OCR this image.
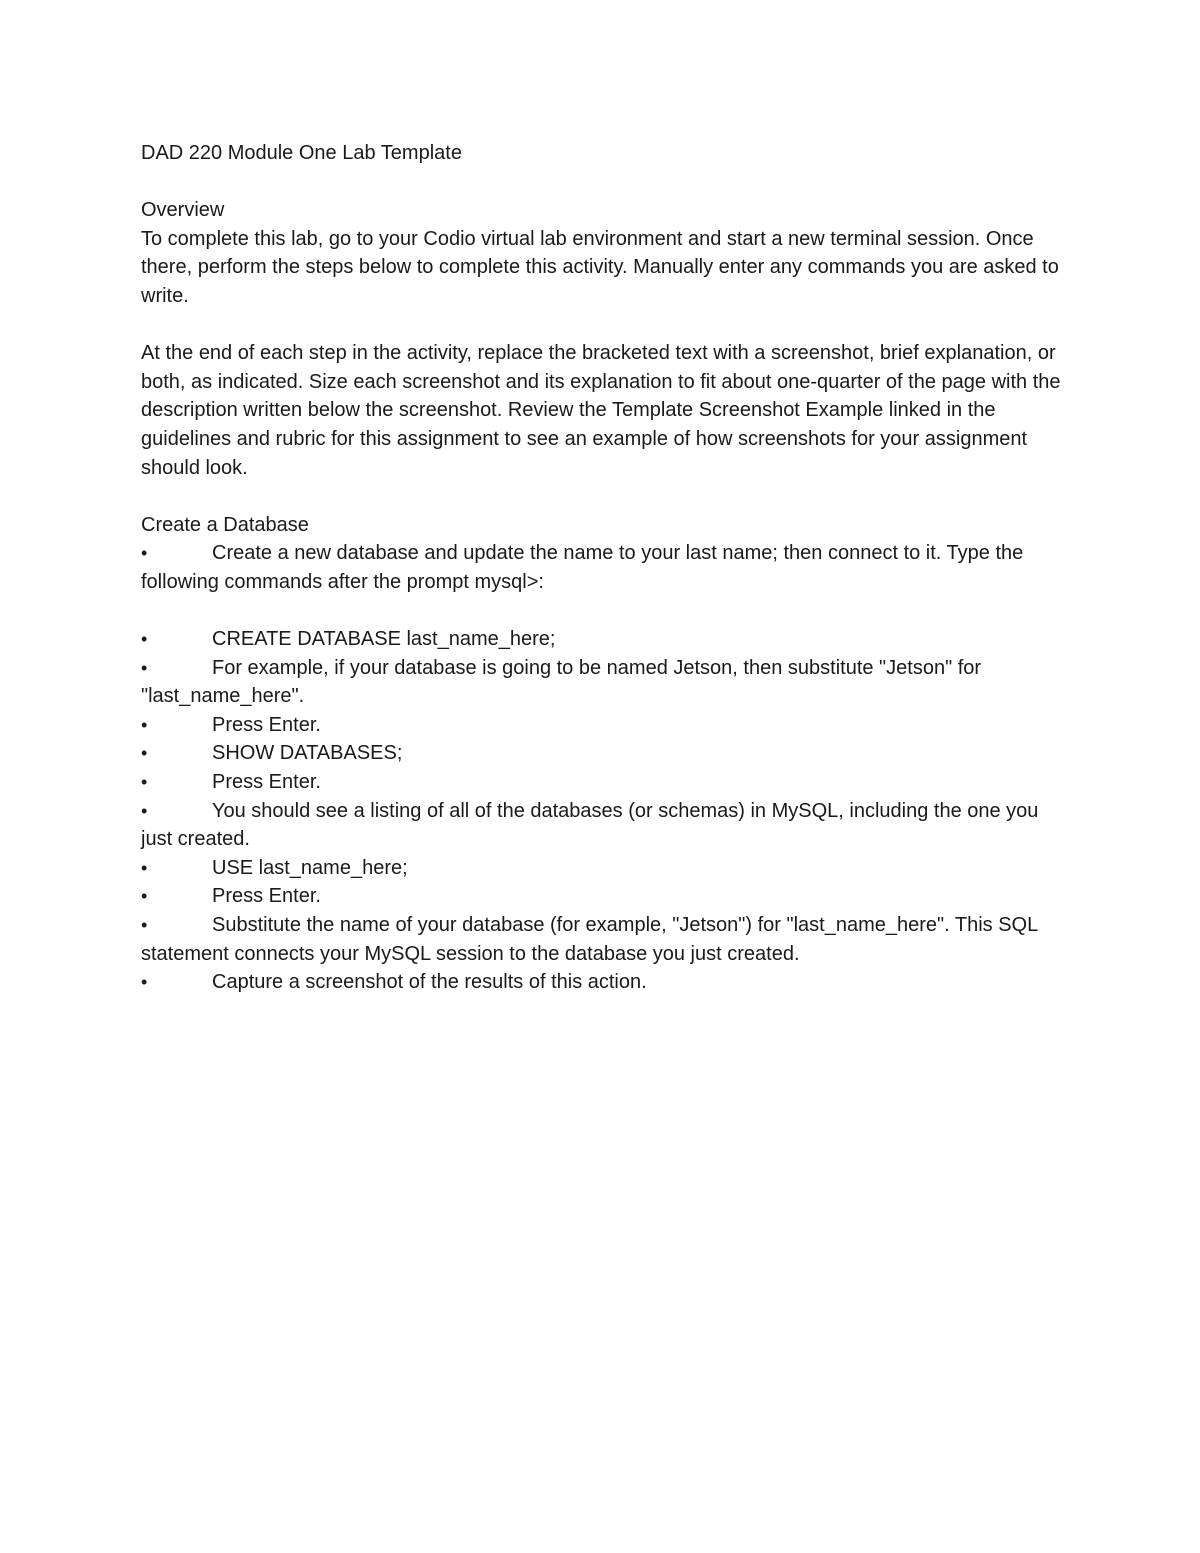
DAD 220 Module One Lab Template
Overview

To complete this lab, go to your Codio virtual lab environment and start a new terminal session. Once there, perform the steps below to complete this activity. Manually enter any commands you are asked to write.

At the end of each step in the activity, replace the bracketed text with a screenshot, brief explanation, or both, as indicated. Size each screenshot and its explanation to fit about one-quarter of the page with the description written below the screenshot. Review the Template Screenshot Example linked in the guidelines and rubric for this assignment to see an example of how screenshots for your assignment should look.

Create a Database
•	Create a new database and update the name to your last name; then connect to it. Type the following commands after the prompt mysql>:
•	CREATE DATABASE last_name_here;
•	For example, if your database is going to be named Jetson, then substitute "Jetson" for "last_name_here".
•	Press Enter.
•	SHOW DATABASES;
•	Press Enter.
•	You should see a listing of all of the databases (or schemas) in MySQL, including the one you just created.
•	USE last_name_here;
•	Press Enter.
•	Substitute the name of your database (for example, "Jetson") for "last_name_here". This SQL statement connects your MySQL session to the database you just created.
•	Capture a screenshot of the results of this action.
